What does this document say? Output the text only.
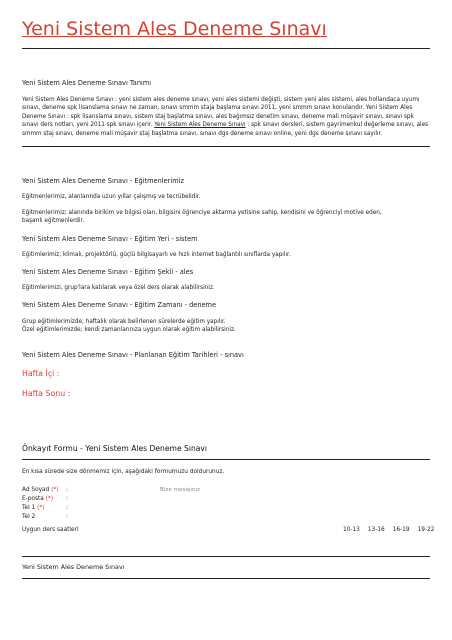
Yeni Sistem Ales Deneme Sınavı
Yeni Sistem Ales Deneme Sınavı Tanımı
Yeni Sistem Ales Deneme Sınavı : yeni sistem ales deneme sınavı, yeni ales sistemi değişti, sistem yeni ales sistemi, ales hollandaca uyumı sınavı, deneme spk lisanslama sınavı ne zaman, sınavı smmm staja başlama sınavı 2011, yeni smmm sınavı konularıdır. Yeni Sistem Ales Deneme Sınavı : spk lisanslama sınavı, sistem staj başlatma sınavı, ales bağımsız denetim sınavı, deneme mali müşavir sınavı, sınavı spk sınavı ders notları, yeni 2011 spk sınavı içerir. Yeni Sistem Ales Deneme Sınavı : spk sınavı dersleri, sistem gayrimenkul değerleme sınavı, ales smmm staj sınavı, deneme mali müşavir staj başlatma sınavı, sınavı dgs deneme sınavı online, yeni dgs deneme sınavı sayılır.
Yeni Sistem Ales Deneme Sınavı - Eğitmenlerimiz
Eğitmenlerimiz, alanlarında uzun yıllar çalışmış ve tecrübelidir.
Eğitmenlerimiz; alanında birikim ve bilgisi olan, bilgisini öğrenciye aktarma yetisine sahip, kendisini ve öğrenciyi motive eden, başarılı eğitmenlerdir.
Yeni Sistem Ales Deneme Sınavı - Eğitim Yeri - sistem
Eğitimlerimiz; klimalı, projektörlü, güçlü bilgisayarlı ve hızlı internet bağlantılı sınıflarda yapılır.
Yeni Sistem Ales Deneme Sınavı - Eğitim Şekli - ales
Eğitimlerimizi, grup'lara katılarak veya özel ders olarak alabilirsiniz.
Yeni Sistem Ales Deneme Sınavı - Eğitim Zamanı - deneme
Grup eğitimlerimizde; haftalık olarak belirlenen sürelerde eğitim yapılır.
Özel eğitimlerimizde; kendi zamanlarınıza uygun olarak eğitim alabilirsiniz.
Yeni Sistem Ales Deneme Sınavı - Planlanan Eğitim Tarihleri - sınavı
Hafta İçi :
Hafta Sonu :
Önkayıt Formu - Yeni Sistem Ales Deneme Sınavı
En kısa sürede size dönmemiz için, aşağıdaki formumuzu doldurunuz.
Ad Soyad (*) :
E-posta (*) :
Tel 1 (*)	:
Tel 2	:
Bize mesajınız
Uygun ders saatleri	10-13 13-16 16-19 19-22
Yeni Sistem Ales Deneme Sınavı
